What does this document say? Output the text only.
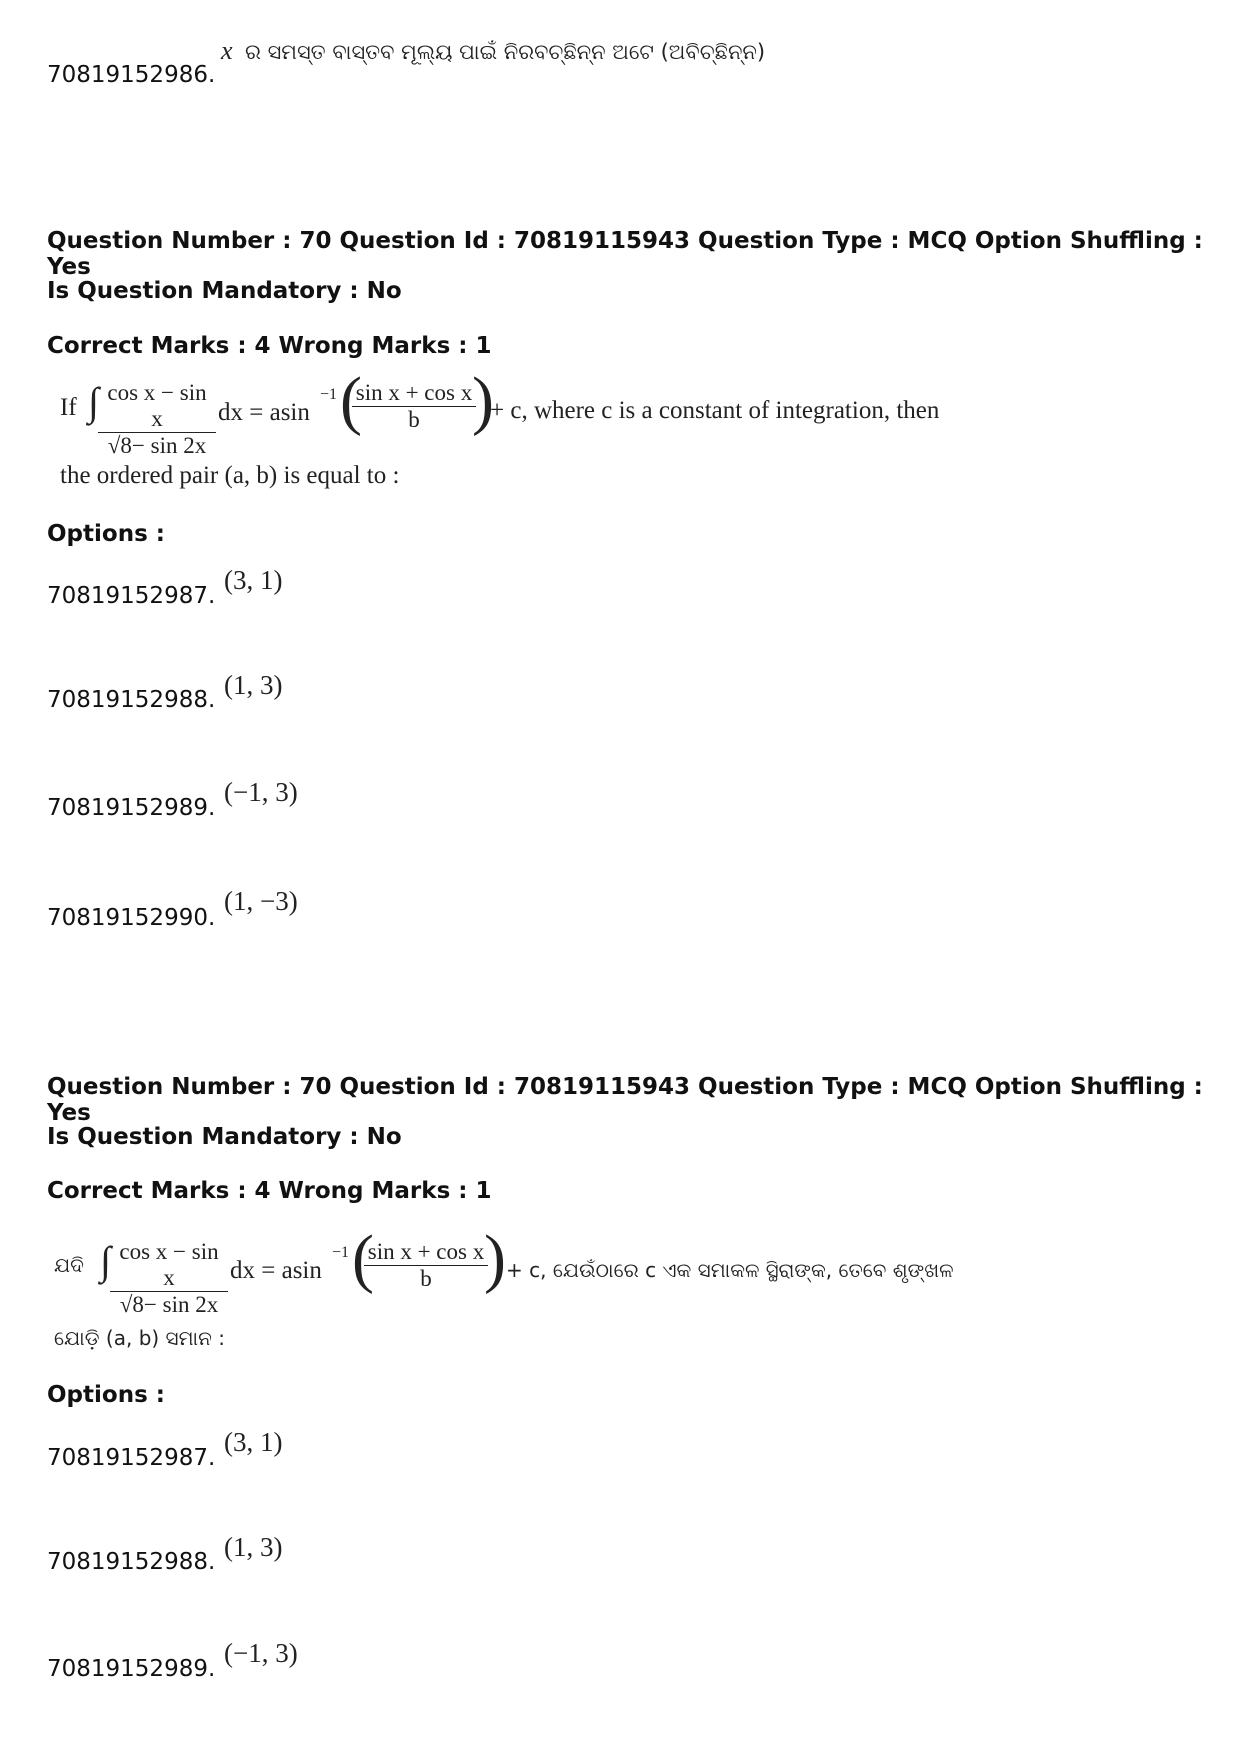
70819152986.
x ର ସମସ୍ତ ବାସ୍ତବ ମୂଲ୍ୟ ପାଇଁ ନିରବଚ୍ଛିନ୍ନ ଅଟେ (ଅବିଚ୍ଛିନ୍ନ)
Question Number : 70 Question Id : 70819115943 Question Type : MCQ Option Shuffling : Yes
Is Question Mandatory : No
Correct Marks : 4 Wrong Marks : 1
If ∫ cos x − sin x
√8− sin 2x
dx = asin
−1 (
sin x + cos x
b )
+ c, where c is a constant of integration, then
the ordered pair (a, b) is equal to :
Options :
70819152987.
(3, 1)
70819152988. (1, 3)
70819152989.
(−1, 3)
70819152990.
(1, −3)
Question Number : 70 Question Id : 70819115943 Question Type : MCQ Option Shuffling : Yes
Is Question Mandatory : No
Correct Marks : 4 Wrong Marks : 1
ଯଦି ∫ cos x − sin x
√8− sin 2x
dx = asin
−1 (
sin x + cos x
b ) + c, ଯେଉଁଠାରେ c ଏକ ସମାକଳ ସ୍ଥିରାଙ୍କ, ତେବେ ଶୃଙ୍ଖଳ
ଯୋଡ଼ି (a, b) ସମାନ :
Options :
70819152987.
(3, 1)
70819152988. (1, 3)
70819152989.
(−1, 3)
